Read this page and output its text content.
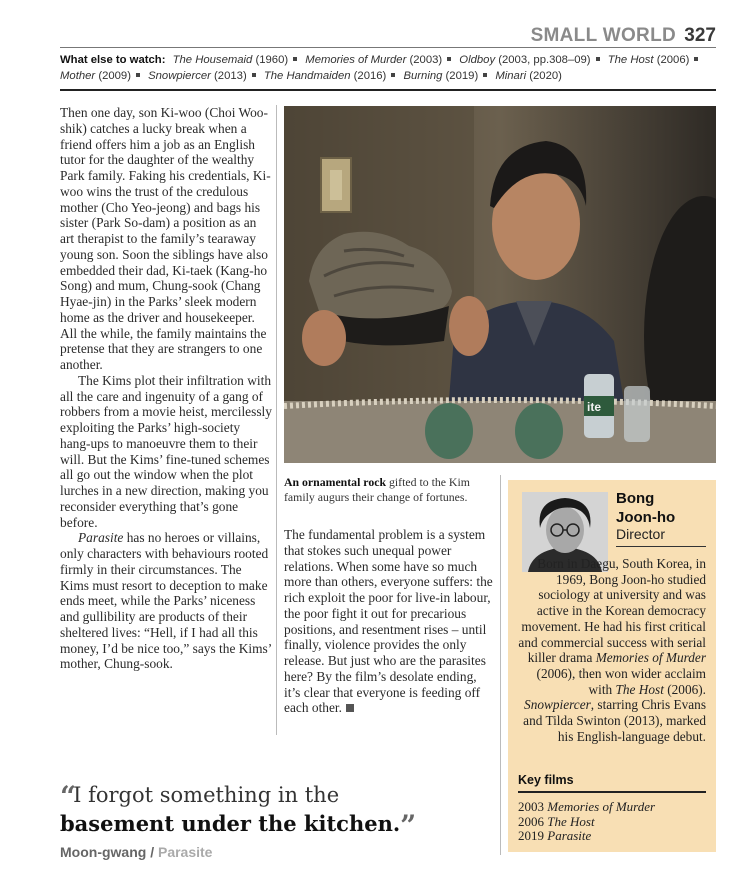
SMALL WORLD 327
What else to watch: The Housemaid (1960) Memories of Murder (2003) Oldboy (2003, pp.308–09) The Host (2006)
Mother (2009) Snowpiercer (2013) The Handmaiden (2016) Burning (2019) Minari (2020)

Then one day, son Ki-woo (Choi Woo-shik) catches a lucky break when a friend offers him a job as an English tutor for the daughter of the wealthy Park family. Faking his credentials, Ki-woo wins the trust of the credulous mother (Cho Yeo-jeong) and bags his sister (Park So-dam) a position as an art therapist to the family’s tearaway young son. Soon the siblings have also embedded their dad, Ki-taek (Kang-ho Song) and mum, Chung-sook (Chang Hyae-jin) in the Parks’ sleek modern home as the driver and housekeeper. All the while, the family maintains the pretense that they are strangers to one another.

The Kims plot their infiltration with all the care and ingenuity of a gang of robbers from a movie heist, mercilessly exploiting the Parks’ high-society hang-ups to manoeuvre them to their will. But the Kims’ fine-tuned schemes all go out the window when the plot lurches in a new direction, making you reconsider everything that’s gone before.

Parasite has no heroes or villains, only characters with behaviours rooted firmly in their circumstances. The Kims must resort to deception to make ends meet, while the Parks’ niceness and gullibility are products of their sheltered lives: “Hell, if I had all this money, I’d be nice too,” says the Kims’ mother, Chung-sook.

ite
An ornamental rock gifted to the Kim family augurs their change of fortunes.

The fundamental problem is a system that stokes such unequal power relations. When some have so much more than others, everyone suffers: the rich exploit the poor for live-in labour, the poor fight it out for precarious positions, and resentment rises – until finally, violence provides the only release. But just who are the parasites here? By the film’s desolate ending, it’s clear that everyone is feeding off each other.

Bong
Joon-ho
Director
Born in Daegu, South Korea, in 1969, Bong Joon-ho studied sociology at university and was active in the Korean democracy movement. He had his first critical and commercial success with serial killer drama Memories of Murder (2006), then won wider acclaim with The Host (2006). Snowpiercer, starring Chris Evans and Tilda Swinton (2013), marked his English-language debut.
Key films
2003 Memories of Murder
2006 The Host
2019 Parasite
“I forgot something in the
basement under the kitchen.”
Moon-gwang / Parasite
